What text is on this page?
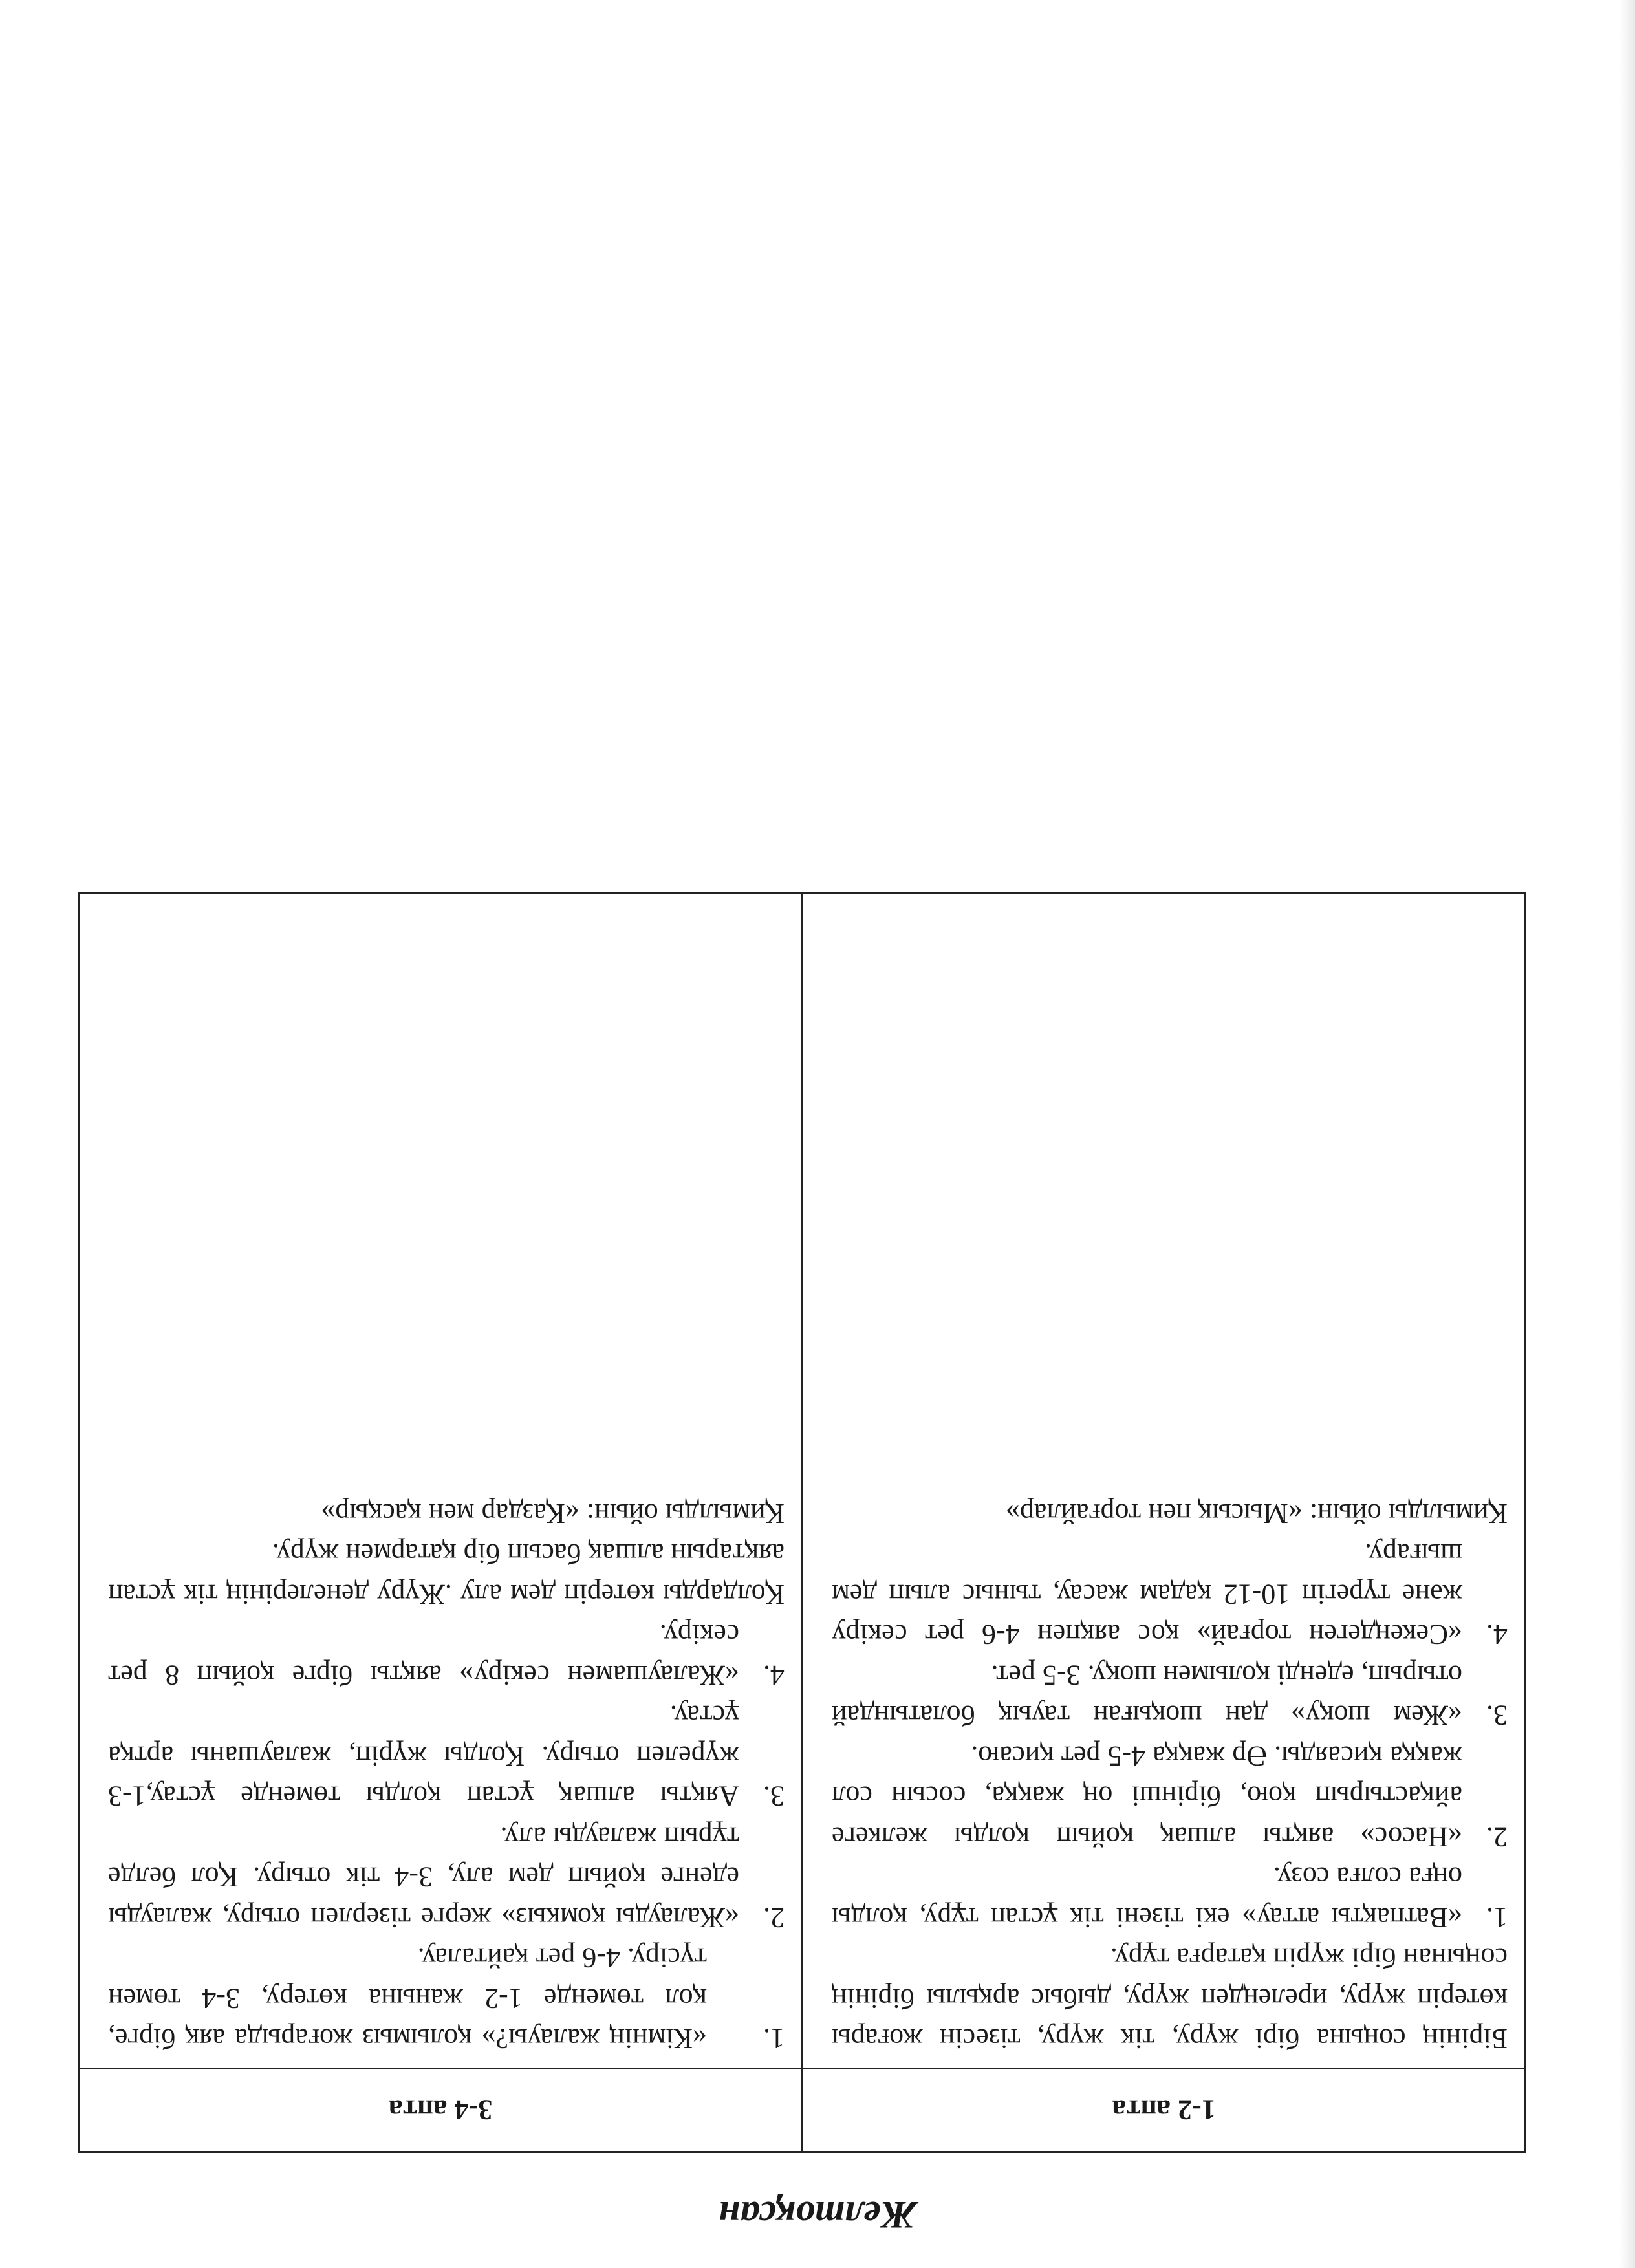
Желтоқсан
1-2 апта
3-4 апта

Бірінің соңына бірі жүру, тік жүру, тізесін жоғары көтеріп жүру, ирелеңдеп жүру, дыбыс арқылы бірінің соңынан бірі жүріп қатарға тұру.

1.
«Ватпақты аттау» екі тізені тік ұстап тұру, қолды оңға солға созу.
2.
«Насос» аяқты алшақ қойып қолды желкеге айқастырып қою, біріншi оң жаққа, сосын сол жаққа қисаяды. Әр жаққа 4-5 рет қисаю.
3.
«Жем шоқу» дан шоқыған тауық болатындай отырып, еденді қолымен шоқу. 3-5 рет.
4.
«Секеңдеген торғай» қос аяқпен 4-6 рет секіру және түрегіп 10-12 қадам жасау, тыныс алып дем шығару.

Қимылды ойын: «Мысық пен торғайлар»

1.
«Кімнің жалауы?» қолымыз жоғарыда аяқ бірге, қол төменде 1-2 жанына көтеру, 3-4 төмен түсіру. 4-6 рет қайталау.
2.
«Жалауды қомкыз» жерге тізерлеп отыру, жалауды еденге қойып дем алу, 3-4 тік отыру. Қол белде тұрып жалауды алу.
3.
Аяқты алшақ ұстап қолды төменде ұстау,1-3 жүрелеп отыру. Қолды жүріп, жалаушаны артқа ұстау.
4.
«Жалаушамен секіру» аяқты бірге қойып 8 рет секіру.

Қолдарды көтеріп дем алу .Жүру денелерінің тік ұстап аяқтарын алшақ басып бір қатармен жүру.

Қимылды ойын: «Қаздар мен қасқыр»
